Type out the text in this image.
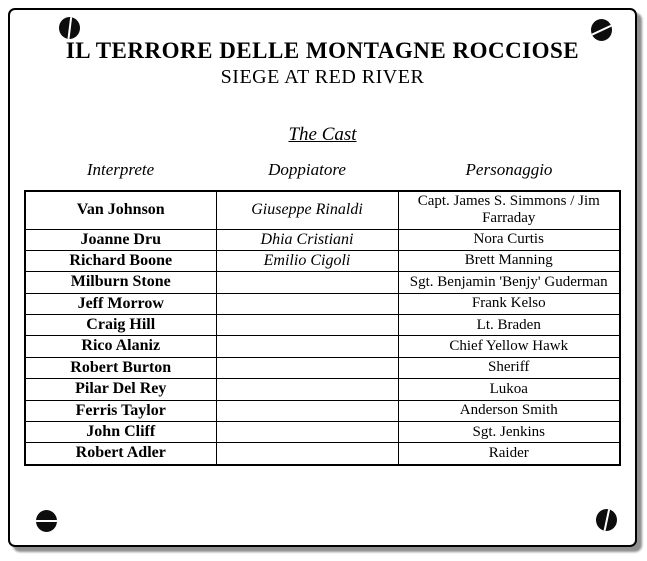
IL TERRORE DELLE MONTAGNE ROCCIOSE
SIEGE AT RED RIVER
The Cast
Interprete	Doppiatore	Personaggio
Van Johnson	Giuseppe Rinaldi	Capt. James S. Simmons / Jim Farraday
Joanne Dru	Dhia Cristiani	Nora Curtis
Richard Boone	Emilio Cigoli	Brett Manning
Milburn Stone		Sgt. Benjamin 'Benjy' Guderman
Jeff Morrow		Frank Kelso
Craig Hill		Lt. Braden
Rico Alaniz		Chief Yellow Hawk
Robert Burton		Sheriff
Pilar Del Rey		Lukoa
Ferris Taylor		Anderson Smith
John Cliff		Sgt. Jenkins
Robert Adler		Raider
